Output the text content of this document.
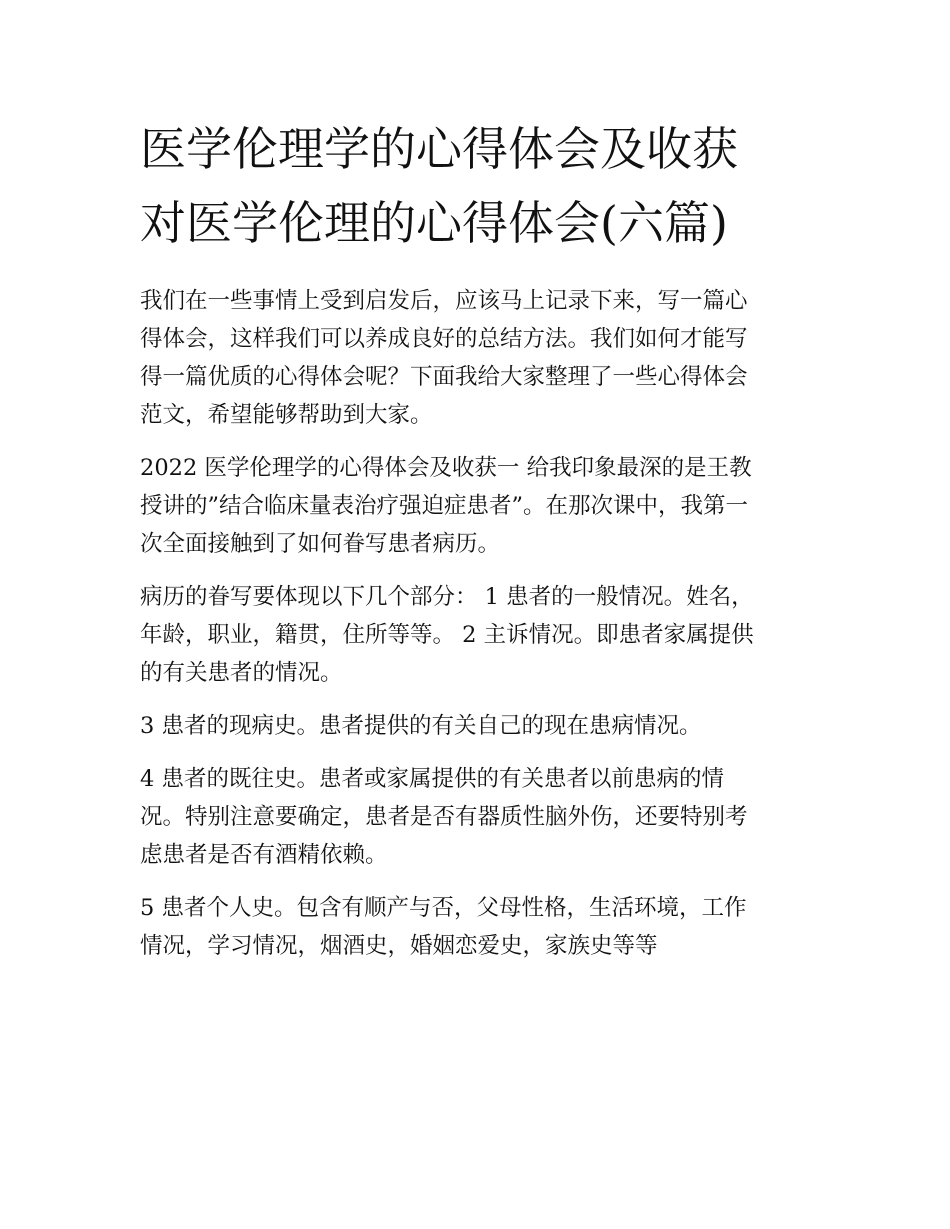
医学伦理学的心得体会及收获
对医学伦理的心得体会(六篇)

我们在一些事情上受到启发后，应该马上记录下来，写一篇心
得体会，这样我们可以养成良好的总结方法。我们如何才能写
得一篇优质的心得体会呢？下面我给大家整理了一些心得体会
范文，希望能够帮助到大家。

2022 医学伦理学的心得体会及收获一 给我印象最深的是王教
授讲的”结合临床量表治疗强迫症患者”。在那次课中，我第一
次全面接触到了如何眷写患者病历。

病历的眷写要体现以下几个部分： 1 患者的一般情况。姓名，
年龄，职业，籍贯，住所等等。 2 主诉情况。即患者家属提供
的有关患者的情况。

3 患者的现病史。患者提供的有关自己的现在患病情况。

4 患者的既往史。患者或家属提供的有关患者以前患病的情
况。特别注意要确定，患者是否有器质性脑外伤，还要特别考
虑患者是否有酒精依赖。

5 患者个人史。包含有顺产与否，父母性格，生活环境，工作
情况，学习情况，烟酒史，婚姻恋爱史，家族史等等
